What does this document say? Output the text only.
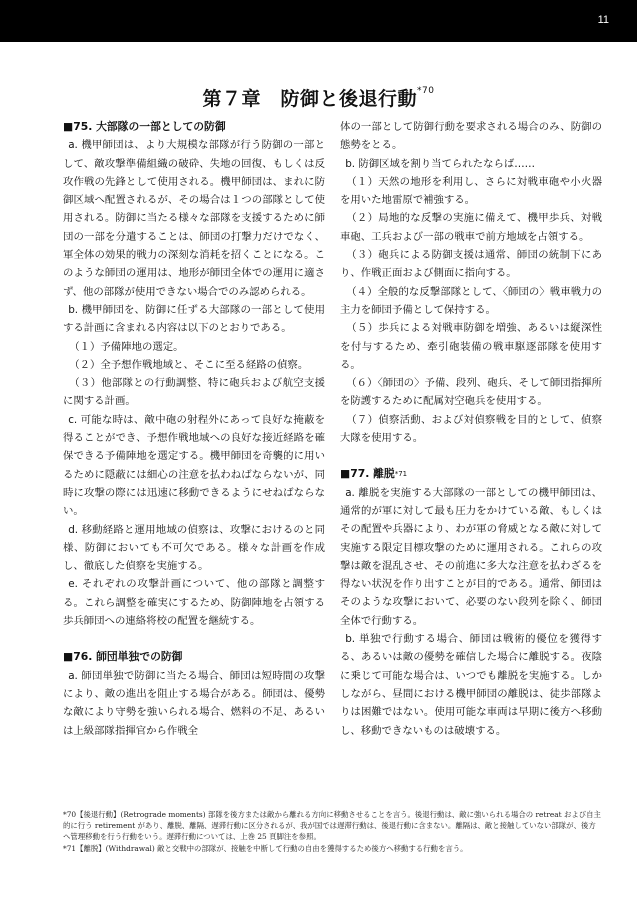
11
第７章　防御と後退行動$^{*70}$
■75. 大部隊の一部としての防御

a. 機甲師団は、より大規模な部隊が行う防御の一部として、敵攻撃準備組織の破砕、失地の回復、もしくは反攻作戦の先鋒として使用される。機甲師団は、まれに防御区域へ配置されるが、その場合は１つの部隊として使用される。防御に当たる様々な部隊を支援するために師団の一部を分遣することは、師団の打撃力だけでなく、軍全体の効果的戦力の深刻な消耗を招くことになる。このような師団の運用は、地形が師団全体での運用に適さず、他の部隊が使用できない場合でのみ認められる。

b. 機甲師団を、防御に任ずる大部隊の一部として使用する計画に含まれる内容は以下のとおりである。

（１）予備陣地の選定。

（２）全予想作戦地域と、そこに至る経路の偵察。

（３）他部隊との行動調整、特に砲兵および航空支援に関する計画。

c. 可能な時は、敵中砲の射程外にあって良好な掩蔽を得ることができ、予想作戦地域への良好な接近経路を確保できる予備陣地を選定する。機甲師団を奇襲的に用いるために隠蔽には細心の注意を払わねばならないが、同時に攻撃の際には迅速に移動できるようにせねばならない。

d. 移動経路と運用地域の偵察は、攻撃におけるのと同様、防御においても不可欠である。様々な計画を作成し、徹底した偵察を実施する。

e. それぞれの攻撃計画について、他の部隊と調整する。これら調整を確実にするため、防御陣地を占領する歩兵師団への連絡将校の配置を継続する。

■76. 師団単独での防御

a. 師団単独で防御に当たる場合、師団は短時間の攻撃により、敵の進出を阻止する場合がある。師団は、優勢な敵により守勢を強いられる場合、燃料の不足、あるいは上級部隊指揮官から作戦全

体の一部として防御行動を要求される場合のみ、防御の態勢をとる。

b. 防御区域を割り当てられたならば……

（１）天然の地形を利用し、さらに対戦車砲や小火器を用いた地雷原で補強する。

（２）局地的な反撃の実施に備えて、機甲歩兵、対戦車砲、工兵および一部の戦車で前方地域を占領する。

（３）砲兵による防御支援は通常、師団の統制下にあり、作戦正面および側面に指向する。

（４）全般的な反撃部隊として、〈師団の〉戦車戦力の主力を師団予備として保持する。

（５）歩兵による対戦車防御を増強、あるいは縦深性を付与するため、牽引砲装備の戦車駆逐部隊を使用する。

（６）〈師団の〉予備、段列、砲兵、そして師団指揮所を防護するために配属対空砲兵を使用する。

（７）偵察活動、および対偵察戦を目的として、偵察大隊を使用する。

■77. 離脱$^{*71}$

a. 離脱を実施する大部隊の一部としての機甲師団は、通常的が軍に対して最も圧力をかけている敵、もしくはその配置や兵器により、わが軍の脅威となる敵に対して実施する限定目標攻撃のために運用される。これらの攻撃は敵を混乱させ、その前進に多大な注意を払わざるを得ない状況を作り出すことが目的である。通常、師団はそのような攻撃において、必要のない段列を除く、師団全体で行動する。

b. 単独で行動する場合、師団は戦術的優位を獲得する、あるいは敵の優勢を確信した場合に離脱する。夜陰に乗じて可能な場合は、いつでも離脱を実施する。しかしながら、昼間における機甲師団の離脱は、徒歩部隊よりは困難ではない。使用可能な車両は早期に後方へ移動し、移動できないものは破壊する。

*70【後退行動】(Retrograde moments) 部隊を後方または敵から離れる方向に移動させることを言う。後退行動は、敵に強いられる場合の retreat および自主的に行う retirement があり、離脱、離隔、遅滞行動に区分されるが、我が国では遅滞行動は、後退行動に含まない。離隔は、敵と接触していない部隊が、後方へ管理移動を行う行動をいう。遅滞行動については、上巻 25 頁脚注を参照。

*71【離脱】(Withdrawal) 敵と交戦中の部隊が、接触を中断して行動の自由を獲得するため後方へ移動する行動を言う。
